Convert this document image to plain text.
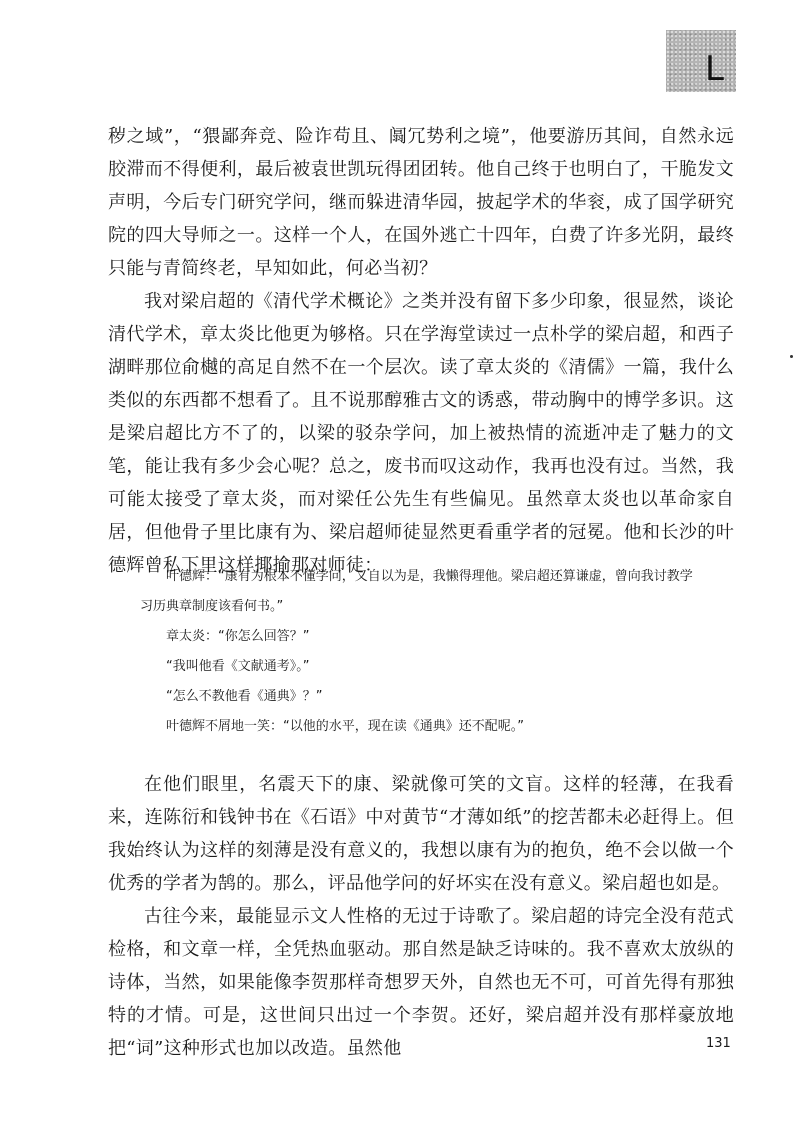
L

秽之域”，“猥鄙奔竞、险诈苟且、阘冗势利之境”，他要游历其间，自然永远胶滞而不得便利，最后被袁世凯玩得团团转。他自己终于也明白了，干脆发文声明，今后专门研究学问，继而躲进清华园，披起学术的华衮，成了国学研究院的四大导师之一。这样一个人，在国外逃亡十四年，白费了许多光阴，最终只能与青简终老，早知如此，何必当初？

我对梁启超的《清代学术概论》之类并没有留下多少印象，很显然，谈论清代学术，章太炎比他更为够格。只在学海堂读过一点朴学的梁启超，和西子湖畔那位俞樾的高足自然不在一个层次。读了章太炎的《清儒》一篇，我什么类似的东西都不想看了。且不说那醇雅古文的诱惑，带动胸中的博学多识。这是梁启超比方不了的，以梁的驳杂学问，加上被热情的流逝冲走了魅力的文笔，能让我有多少会心呢？总之，废书而叹这动作，我再也没有过。当然，我可能太接受了章太炎，而对梁任公先生有些偏见。虽然章太炎也以革命家自居，但他骨子里比康有为、梁启超师徒显然更看重学者的冠冕。他和长沙的叶德辉曾私下里这样揶揄那对师徒：

叶德辉：“康有为根本不懂学问，又自以为是，我懒得理他。梁启超还算谦虚，曾向我讨教学习历典章制度该看何书。”

章太炎：“你怎么回答？”

“我叫他看《文献通考》。”

“怎么不教他看《通典》？”

叶德辉不屑地一笑：“以他的水平，现在读《通典》还不配呢。”

在他们眼里，名震天下的康、梁就像可笑的文盲。这样的轻薄，在我看来，连陈衍和钱钟书在《石语》中对黄节“才薄如纸”的挖苦都未必赶得上。但我始终认为这样的刻薄是没有意义的，我想以康有为的抱负，绝不会以做一个优秀的学者为鹄的。那么，评品他学问的好坏实在没有意义。梁启超也如是。

古往今来，最能显示文人性格的无过于诗歌了。梁启超的诗完全没有范式检格，和文章一样，全凭热血驱动。那自然是缺乏诗味的。我不喜欢太放纵的诗体，当然，如果能像李贺那样奇想罗天外，自然也无不可，可首先得有那独特的才情。可是，这世间只出过一个李贺。还好，梁启超并没有那样豪放地把“词”这种形式也加以改造。虽然他	131
